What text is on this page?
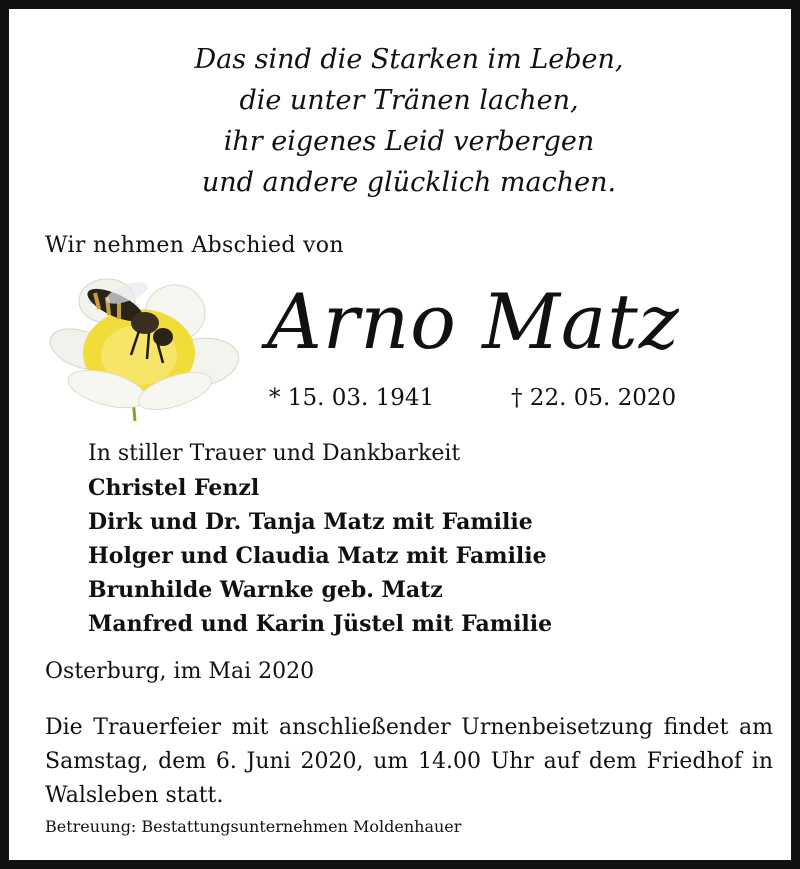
Das sind die Starken im Leben,
die unter Tränen lachen,
ihr eigenes Leid verbergen
und andere glücklich machen.
Wir nehmen Abschied von
Arno Matz
* 15. 03. 1941	† 22. 05. 2020
In stiller Trauer und Dankbarkeit
Christel Fenzl
Dirk und Dr. Tanja Matz mit Familie
Holger und Claudia Matz mit Familie
Brunhilde Warnke geb. Matz
Manfred und Karin Jüstel mit Familie
Osterburg, im Mai 2020
Die Trauerfeier mit anschließender Urnenbeisetzung findet am Samstag, dem 6. Juni 2020, um 14.00 Uhr auf dem Friedhof in Walsleben statt.
Betreuung: Bestattungsunternehmen Moldenhauer
